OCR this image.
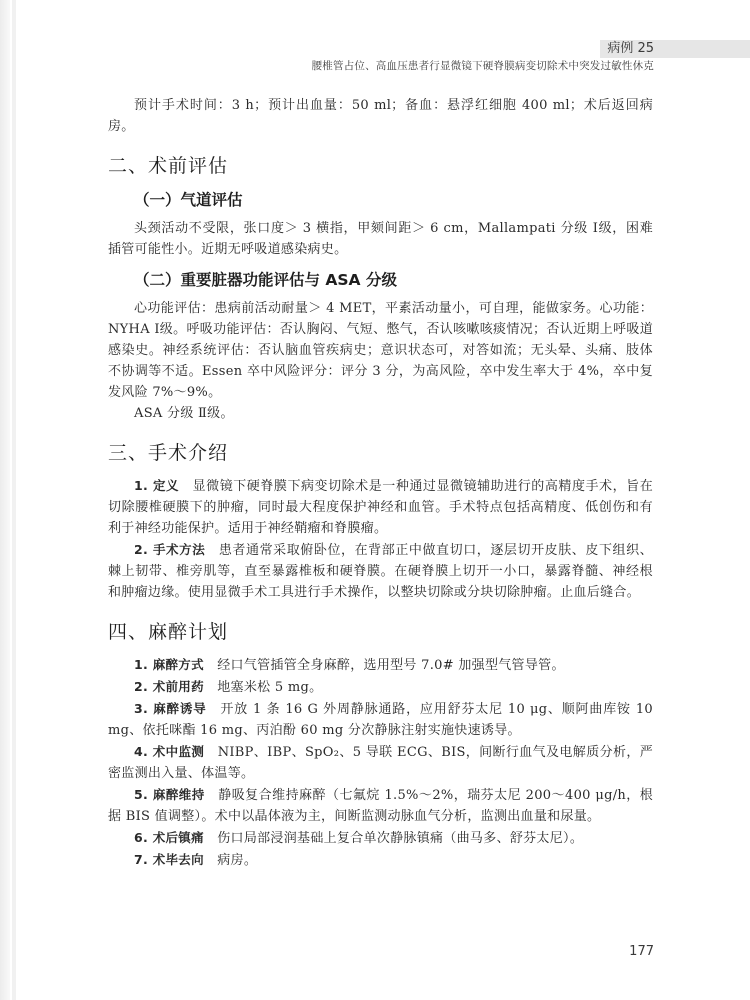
病例 25
腰椎管占位、高血压患者行显微镜下硬脊膜病变切除术中突发过敏性休克

预计手术时间：3 h；预计出血量：50 ml；备血：悬浮红细胞 400 ml；术后返回病房。

二、术前评估
（一）气道评估

头颈活动不受限，张口度＞ 3 横指，甲颏间距＞ 6 cm，Mallampati 分级 Ⅰ级，困难插管可能性小。近期无呼吸道感染病史。

（二）重要脏器功能评估与 ASA 分级

心功能评估：患病前活动耐量＞ 4 MET，平素活动量小，可自理，能做家务。心功能：NYHA Ⅰ级。呼吸功能评估：否认胸闷、气短、憋气，否认咳嗽咳痰情况；否认近期上呼吸道感染史。神经系统评估：否认脑血管疾病史；意识状态可，对答如流；无头晕、头痛、肢体不协调等不适。Essen 卒中风险评分：评分 3 分，为高风险，卒中发生率大于 4%，卒中复发风险 7%～9%。

ASA 分级 Ⅱ级。

三、手术介绍

1. 定义　 显微镜下硬脊膜下病变切除术是一种通过显微镜辅助进行的高精度手术，旨在切除腰椎硬膜下的肿瘤，同时最大程度保护神经和血管。手术特点包括高精度、低创伤和有利于神经功能保护。适用于神经鞘瘤和脊膜瘤。

2. 手术方法　 患者通常采取俯卧位，在背部正中做直切口，逐层切开皮肤、皮下组织、棘上韧带、椎旁肌等，直至暴露椎板和硬脊膜。在硬脊膜上切开一小口，暴露脊髓、神经根和肿瘤边缘。使用显微手术工具进行手术操作，以整块切除或分块切除肿瘤。止血后缝合。

四、麻醉计划

1. 麻醉方式　 经口气管插管全身麻醉，选用型号 7.0# 加强型气管导管。

2. 术前用药　 地塞米松 5 mg。

3. 麻醉诱导　 开放 1 条 16 G 外周静脉通路，应用舒芬太尼 10 μg、顺阿曲库铵 10 mg、依托咪酯 16 mg、丙泊酚 60 mg 分次静脉注射实施快速诱导。

4. 术中监测　 NIBP、IBP、SpO₂、5 导联 ECG、BIS，间断行血气及电解质分析，严密监测出入量、体温等。

5. 麻醉维持　 静吸复合维持麻醉（七氟烷 1.5%～2%，瑞芬太尼 200～400 μg/h，根据 BIS 值调整）。术中以晶体液为主，间断监测动脉血气分析，监测出血量和尿量。

6. 术后镇痛　 伤口局部浸润基础上复合单次静脉镇痛（曲马多、舒芬太尼）。

7. 术毕去向　 病房。

177
